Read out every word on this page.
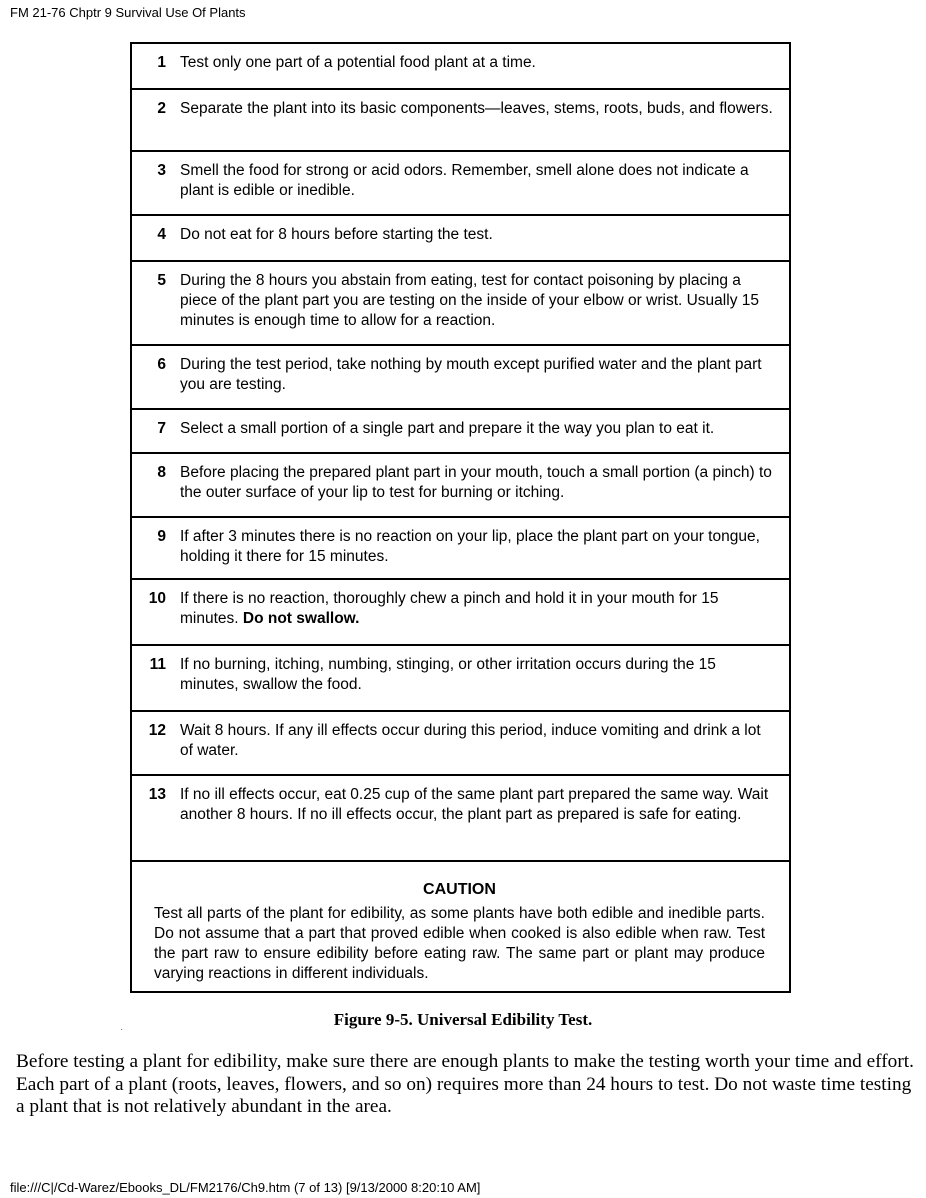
FM 21-76 Chptr 9 Survival Use Of Plants
1 Test only one part of a potential food plant at a time.
2 Separate the plant into its basic components—leaves, stems, roots, buds, and flowers.
3 Smell the food for strong or acid odors. Remember, smell alone does not indicate a plant is edible or inedible.
4 Do not eat for 8 hours before starting the test.
5 During the 8 hours you abstain from eating, test for contact poisoning by placing a piece of the plant part you are testing on the inside of your elbow or wrist. Usually 15 minutes is enough time to allow for a reaction.
6 During the test period, take nothing by mouth except purified water and the plant part you are testing.
7 Select a small portion of a single part and prepare it the way you plan to eat it.
8 Before placing the prepared plant part in your mouth, touch a small portion (a pinch) to the outer surface of your lip to test for burning or itching.
9 If after 3 minutes there is no reaction on your lip, place the plant part on your tongue, holding it there for 15 minutes.
10 If there is no reaction, thoroughly chew a pinch and hold it in your mouth for 15 minutes. Do not swallow.
11 If no burning, itching, numbing, stinging, or other irritation occurs during the 15 minutes, swallow the food.
12 Wait 8 hours. If any ill effects occur during this period, induce vomiting and drink a lot of water.
13 If no ill effects occur, eat 0.25 cup of the same plant part prepared the same way. Wait another 8 hours. If no ill effects occur, the plant part as prepared is safe for eating.
CAUTION
Test all parts of the plant for edibility, as some plants have both edible and inedible parts. Do not assume that a part that proved edible when cooked is also edible when raw. Test the part raw to ensure edibility before eating raw. The same part or plant may produce varying reactions in different individuals.
Figure 9-5. Universal Edibility Test.
·
Before testing a plant for edibility, make sure there are enough plants to make the testing worth your time and effort. Each part of a plant (roots, leaves, flowers, and so on) requires more than 24 hours to test. Do not waste time testing a plant that is not relatively abundant in the area.
file:///C|/Cd-Warez/Ebooks_DL/FM2176/Ch9.htm (7 of 13) [9/13/2000 8:20:10 AM]
